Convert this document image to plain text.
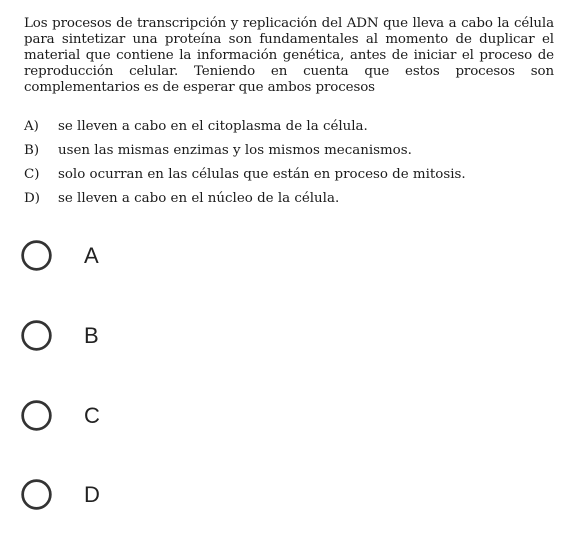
Los procesos de transcripción y replicación del ADN que lleva a cabo la célula para sintetizar una proteína son fundamentales al momento de duplicar el material que contiene la información genética, antes de iniciar el proceso de reproducción celular. Teniendo en cuenta que estos procesos son complementarios es de esperar que ambos procesos
A)	se lleven a cabo en el citoplasma de la célula.
B)	usen las mismas enzimas y los mismos mecanismos.
C)	solo ocurran en las células que están en proceso de mitosis.
D)	se lleven a cabo en el núcleo de la célula.
A
B
C
D
